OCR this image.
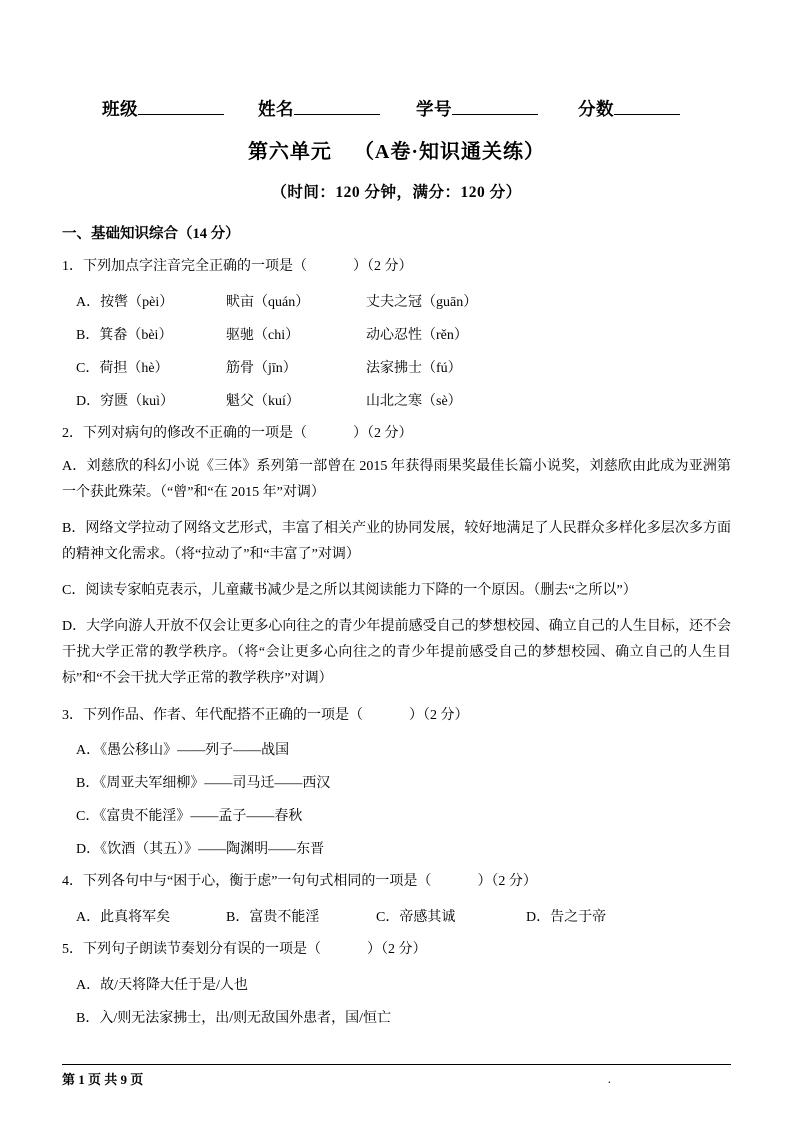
班级	姓名	学号	分数
第六单元 （A卷·知识通关练）
（时间：120 分钟，满分：120 分）
一、基础知识综合（14 分）
1．下列加点字注音完全正确的一项是（	）（2 分）
A．按辔（pèi）	畎亩（quán）	丈夫之冠（guān）
B．箕畚（bèi）	驱驰（chi）	动心忍性（rěn）
C．荷担（hè）	筋骨（jīn）	法家拂士（fú）
D．穷匮（kuì）	魁父（kuí）	山北之寒（sè）
2．下列对病句的修改不正确的一项是（	）（2 分）
A．刘慈欣的科幻小说《三体》系列第一部曾在 2015 年获得雨果奖最佳长篇小说奖，刘慈欣由此成为亚洲第一个获此殊荣。（“曾”和“在 2015 年”对调）
B．网络文学拉动了网络文艺形式，丰富了相关产业的协同发展，较好地满足了人民群众多样化多层次多方面的精神文化需求。（将“拉动了”和“丰富了”对调）
C．阅读专家帕克表示，儿童藏书减少是之所以其阅读能力下降的一个原因。（删去“之所以”）
D．大学向游人开放不仅会让更多心向往之的青少年提前感受自己的梦想校园、确立自己的人生目标，还不会干扰大学正常的教学秩序。（将“会让更多心向往之的青少年提前感受自己的梦想校园、确立自己的人生目标”和“不会干扰大学正常的教学秩序”对调）
3．下列作品、作者、年代配搭不正确的一项是（	）（2 分）
A．《愚公移山》——列子——战国
B．《周亚夫军细柳》——司马迁——西汉
C．《富贵不能淫》——孟子——春秋
D．《饮酒（其五）》——陶渊明——东晋
4．下列各句中与“困于心，衡于虑”一句句式相同的一项是（	）（2 分）
A．此真将军矣	B．富贵不能淫	C．帝感其诚	D．告之于帝
5．下列句子朗读节奏划分有误的一项是（	）（2 分）
A．故/天将降大任于是/人也
B．入/则无法家拂士，出/则无敌国外患者，国/恒亡
第 1 页 共 9 页	.
